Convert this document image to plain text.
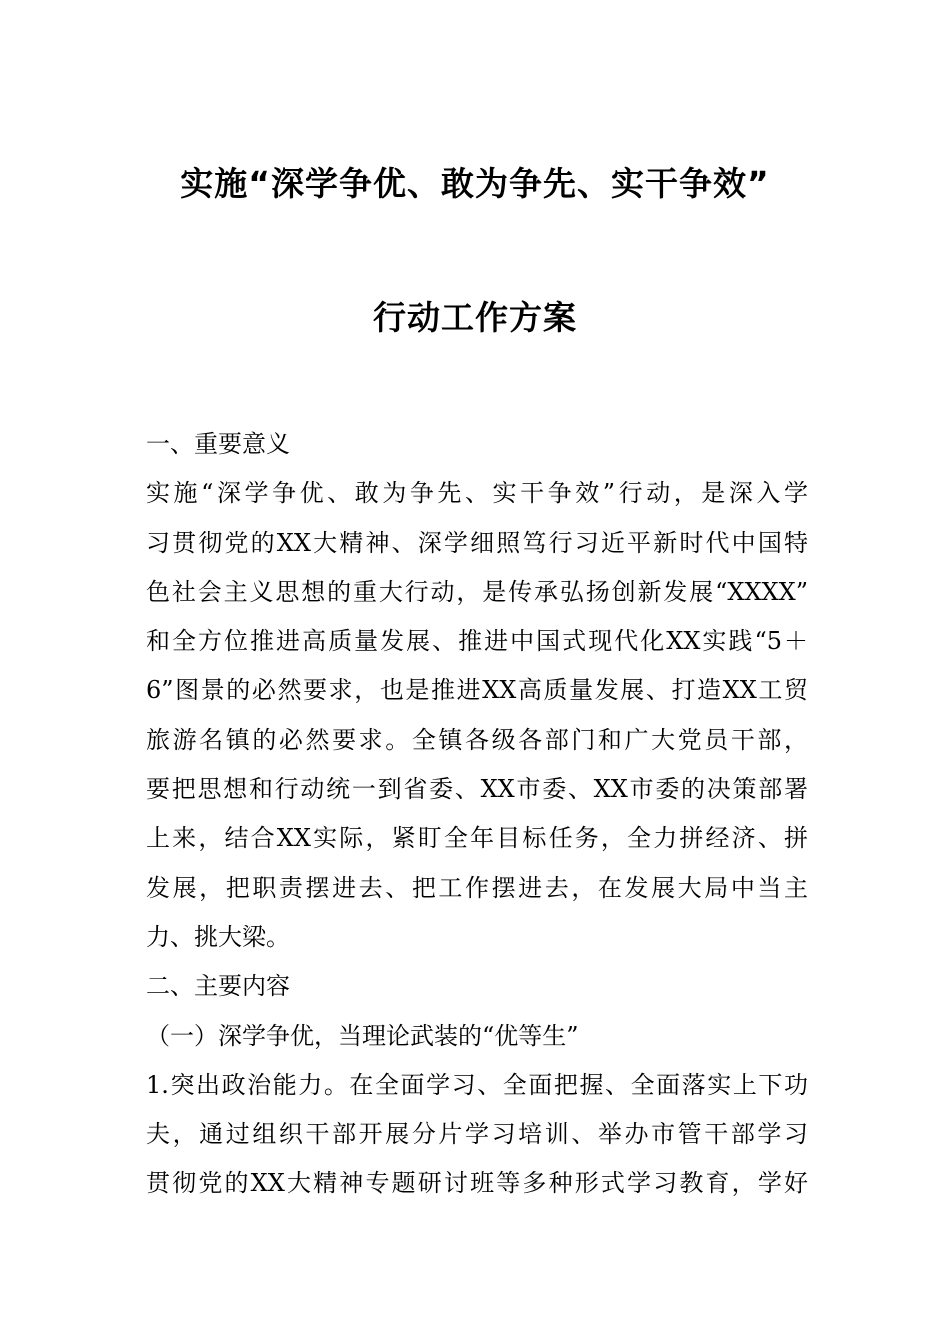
实施“深学争优、敢为争先、实干争效”
行动工作方案
一、重要意义
实施“深学争优、敢为争先、实干争效”行动，是深入学
习贯彻党的XX大精神、深学细照笃行习近平新时代中国特
色社会主义思想的重大行动，是传承弘扬创新发展“XXXX”
和全方位推进高质量发展、推进中国式现代化XX实践“5＋
6”图景的必然要求，也是推进XX高质量发展、打造XX工贸
旅游名镇的必然要求。全镇各级各部门和广大党员干部，
要把思想和行动统一到省委、XX市委、XX市委的决策部署
上来，结合XX实际，紧盯全年目标任务，全力拼经济、拼
发展，把职责摆进去、把工作摆进去，在发展大局中当主
力、挑大梁。
二、主要内容
（一）深学争优，当理论武装的“优等生”
1.突出政治能力。在全面学习、全面把握、全面落实上下功
夫，通过组织干部开展分片学习培训、举办市管干部学习
贯彻党的XX大精神专题研讨班等多种形式学习教育，学好
